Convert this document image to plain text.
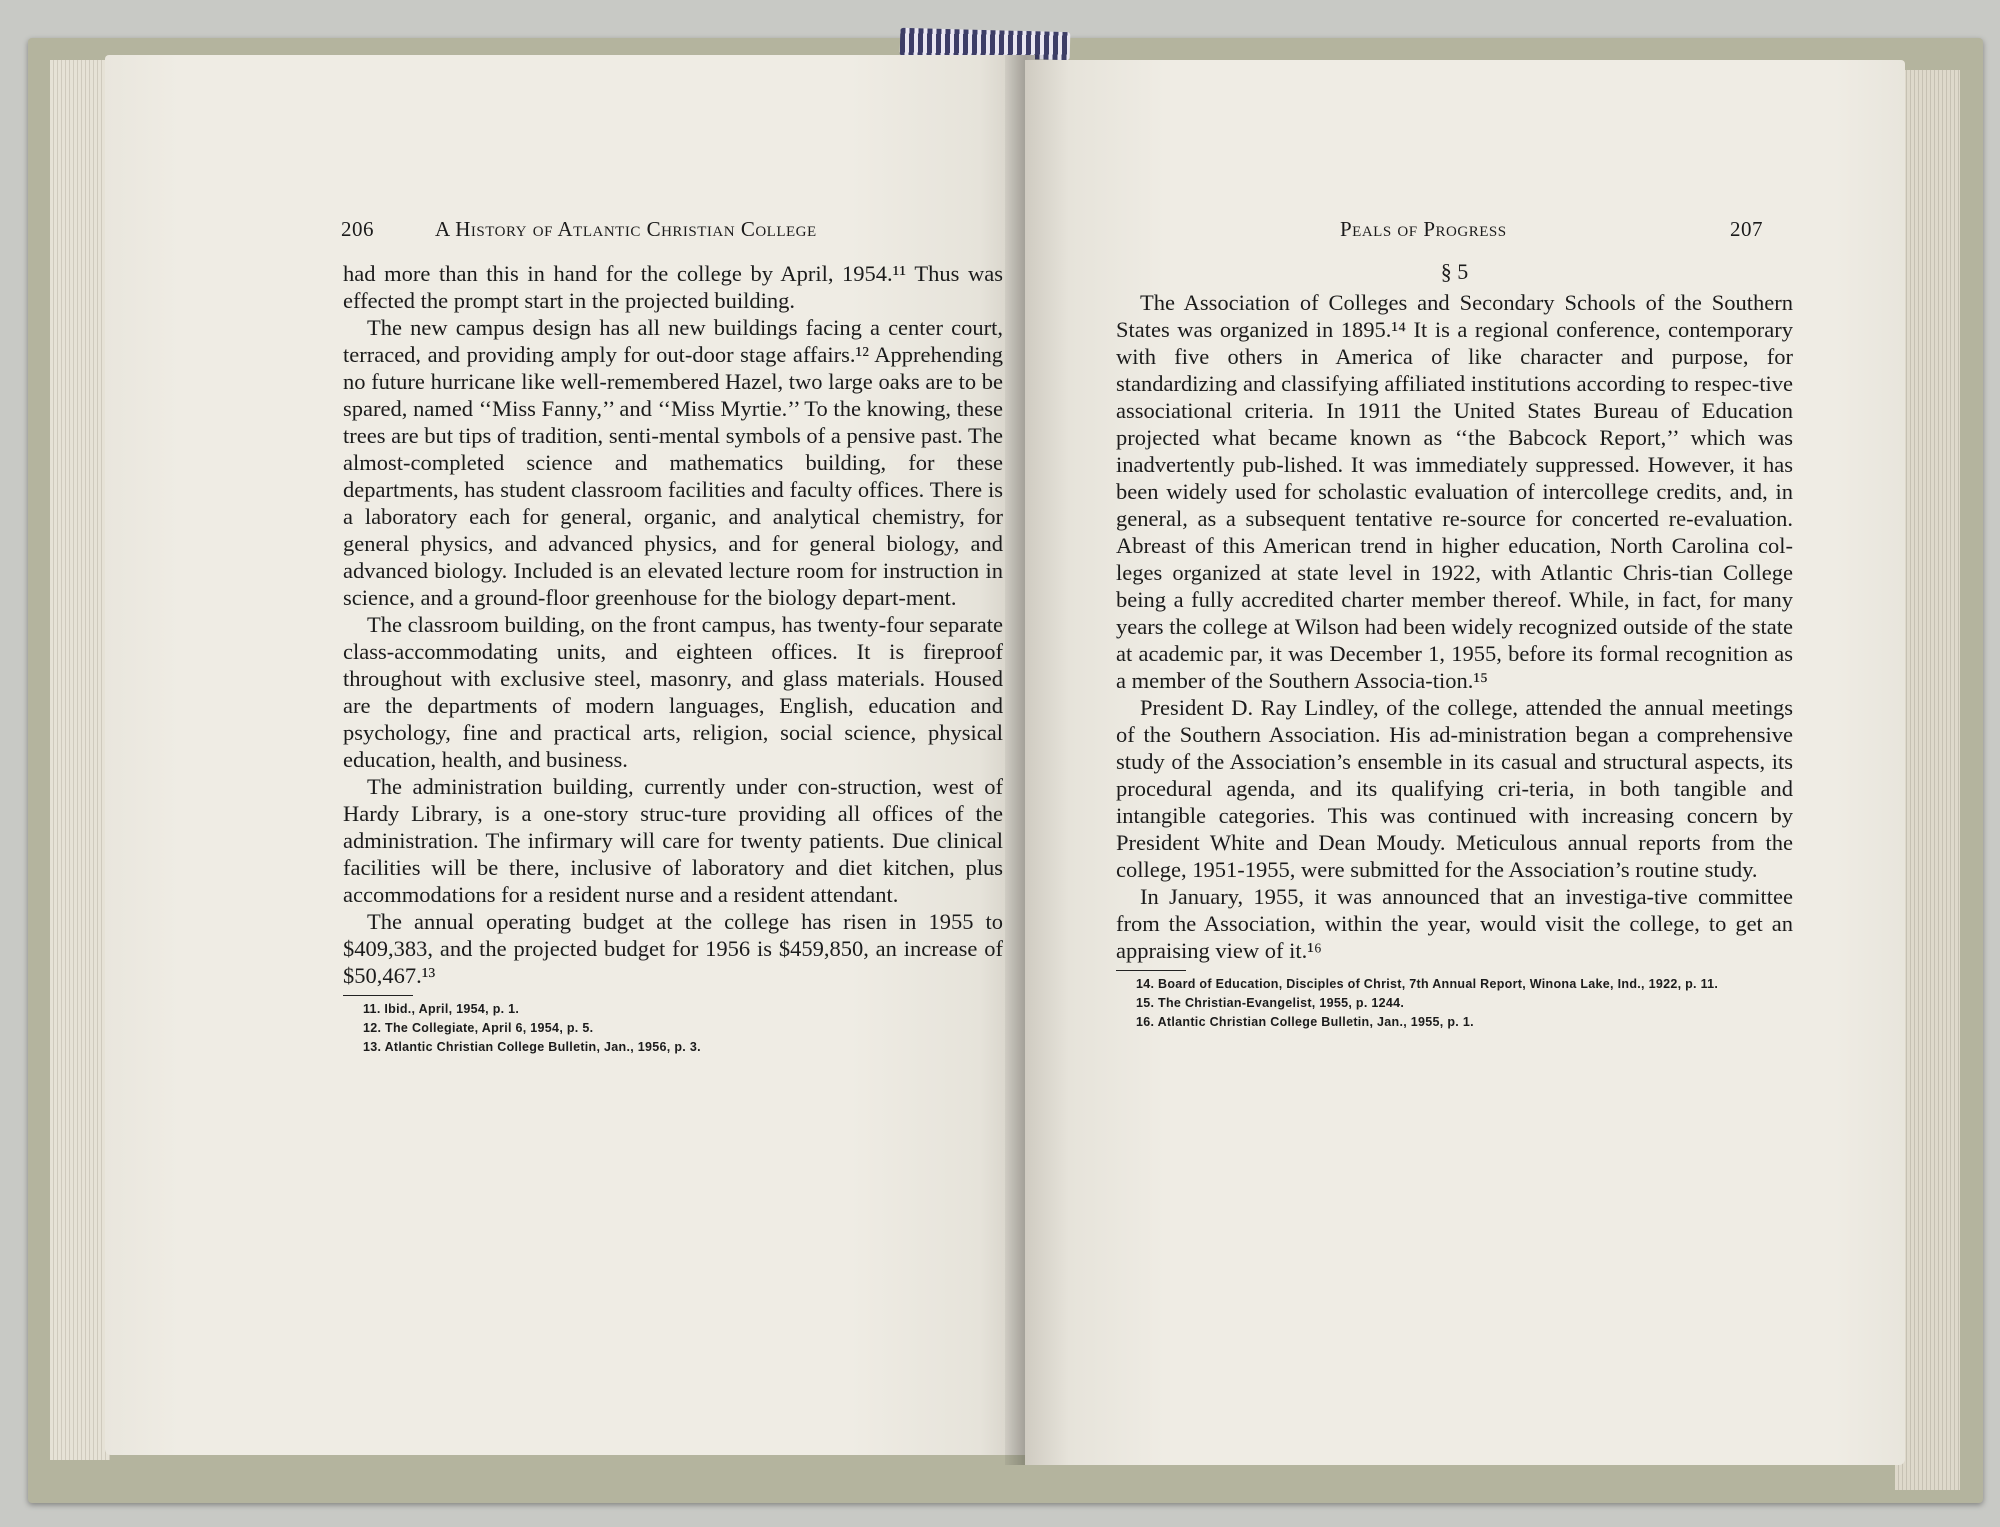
206	A History of Atlantic Christian College

had more than this in hand for the college by April, 1954.¹¹ Thus was effected the prompt start in the projected building.

The new campus design has all new buildings facing a center court, terraced, and providing amply for out-door stage affairs.¹² Apprehending no future hurricane like well-remembered Hazel, two large oaks are to be spared, named ‘‘Miss Fanny,’’ and ‘‘Miss Myrtie.’’ To the knowing, these trees are but tips of tradition, senti-mental symbols of a pensive past. The almost-completed science and mathematics building, for these departments, has student classroom facilities and faculty offices. There is a laboratory each for general, organic, and analytical chemistry, for general physics, and advanced physics, and for general biology, and advanced biology. Included is an elevated lecture room for instruction in science, and a ground-floor greenhouse for the biology depart-ment.

The classroom building, on the front campus, has twenty-four separate class-accommodating units, and eighteen offices. It is fireproof throughout with exclusive steel, masonry, and glass materials. Housed are the departments of modern languages, English, education and psychology, fine and practical arts, religion, social science, physical education, health, and business.

The administration building, currently under con-struction, west of Hardy Library, is a one-story struc-ture providing all offices of the administration. The infirmary will care for twenty patients. Due clinical facilities will be there, inclusive of laboratory and diet kitchen, plus accommodations for a resident nurse and a resident attendant.

The annual operating budget at the college has risen in 1955 to $409,383, and the projected budget for 1956 is $459,850, an increase of $50,467.¹³

11. Ibid., April, 1954, p. 1.
12. The Collegiate, April 6, 1954, p. 5.
13. Atlantic Christian College Bulletin, Jan., 1956, p. 3.
Peals of Progress	207
§ 5

The Association of Colleges and Secondary Schools of the Southern States was organized in 1895.¹⁴ It is a regional conference, contemporary with five others in America of like character and purpose, for standardizing and classifying affiliated institutions according to respec-tive associational criteria. In 1911 the United States Bureau of Education projected what became known as ‘‘the Babcock Report,’’ which was inadvertently pub-lished. It was immediately suppressed. However, it has been widely used for scholastic evaluation of intercollege credits, and, in general, as a subsequent tentative re-source for concerted re-evaluation. Abreast of this American trend in higher education, North Carolina col-leges organized at state level in 1922, with Atlantic Chris-tian College being a fully accredited charter member thereof. While, in fact, for many years the college at Wilson had been widely recognized outside of the state at academic par, it was December 1, 1955, before its formal recognition as a member of the Southern Associa-tion.¹⁵

President D. Ray Lindley, of the college, attended the annual meetings of the Southern Association. His ad-ministration began a comprehensive study of the Association’s ensemble in its casual and structural aspects, its procedural agenda, and its qualifying cri-teria, in both tangible and intangible categories. This was continued with increasing concern by President White and Dean Moudy. Meticulous annual reports from the college, 1951-1955, were submitted for the Association’s routine study.

In January, 1955, it was announced that an investiga-tive committee from the Association, within the year, would visit the college, to get an appraising view of it.¹⁶

14. Board of Education, Disciples of Christ, 7th Annual Report, Winona Lake, Ind., 1922, p. 11.
15. The Christian-Evangelist, 1955, p. 1244.
16. Atlantic Christian College Bulletin, Jan., 1955, p. 1.
